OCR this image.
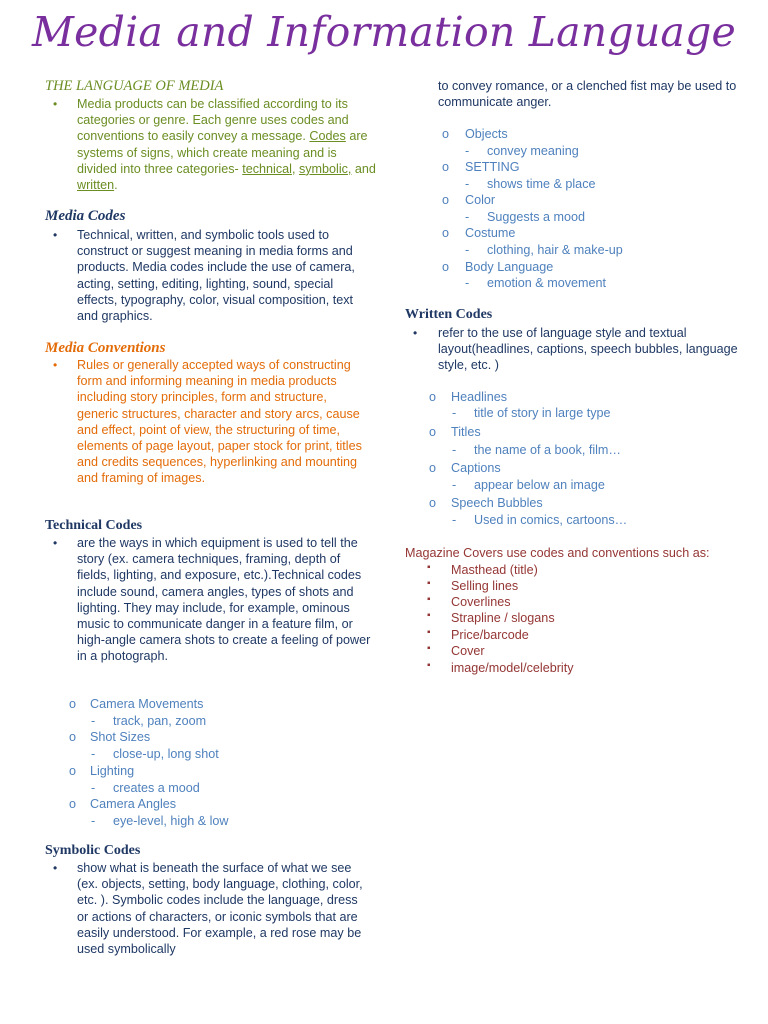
Media and Information Language
THE LANGUAGE OF MEDIA
• Media products can be classified according to its categories or genre. Each genre uses codes and conventions to easily convey a message. Codes are systems of signs, which create meaning and is divided into three categories- technical, symbolic, and written.
Media Codes
• Technical, written, and symbolic tools used to construct or suggest meaning in media forms and products. Media codes include the use of camera, acting, setting, editing, lighting, sound, special effects, typography, color, visual composition, text and graphics.
Media Conventions
• Rules or generally accepted ways of constructing form and informing meaning in media products including story principles, form and structure, generic structures, character and story arcs, cause and effect, point of view, the structuring of time, elements of page layout, paper stock for print, titles and credits sequences, hyperlinking and mounting and framing of images.
Technical Codes
• are the ways in which equipment is used to tell the story (ex. camera techniques, framing, depth of fields, lighting, and exposure, etc.).Technical codes include sound, camera angles, types of shots and lighting. They may include, for example, ominous music to communicate danger in a feature film, or high-angle camera shots to create a feeling of power in a photograph.
o Camera Movements
- track, pan, zoom
o Shot Sizes
- close-up, long shot
o Lighting
- creates a mood
o Camera Angles
- eye-level, high & low
Symbolic Codes
• show what is beneath the surface of what we see (ex. objects, setting, body language, clothing, color, etc. ). Symbolic codes include the language, dress or actions of characters, or iconic symbols that are easily understood. For example, a red rose may be used symbolically
to convey romance, or a clenched fist may be used to communicate anger.
o Objects
- convey meaning
o SETTING
- shows time & place
o Color
- Suggests a mood
o Costume
- clothing, hair & make-up
o Body Language
- emotion & movement
Written Codes
• refer to the use of language style and textual layout(headlines, captions, speech bubbles, language style, etc. )
o Headlines
- title of story in large type
o Titles
- the name of a book, film…
o Captions
- appear below an image
o Speech Bubbles
- Used in comics, cartoons…
Magazine Covers use codes and conventions such as:
▪ Masthead (title)
▪ Selling lines
▪ Coverlines
▪ Strapline / slogans
▪ Price/barcode
▪ Cover
▪ image/model/celebrity
